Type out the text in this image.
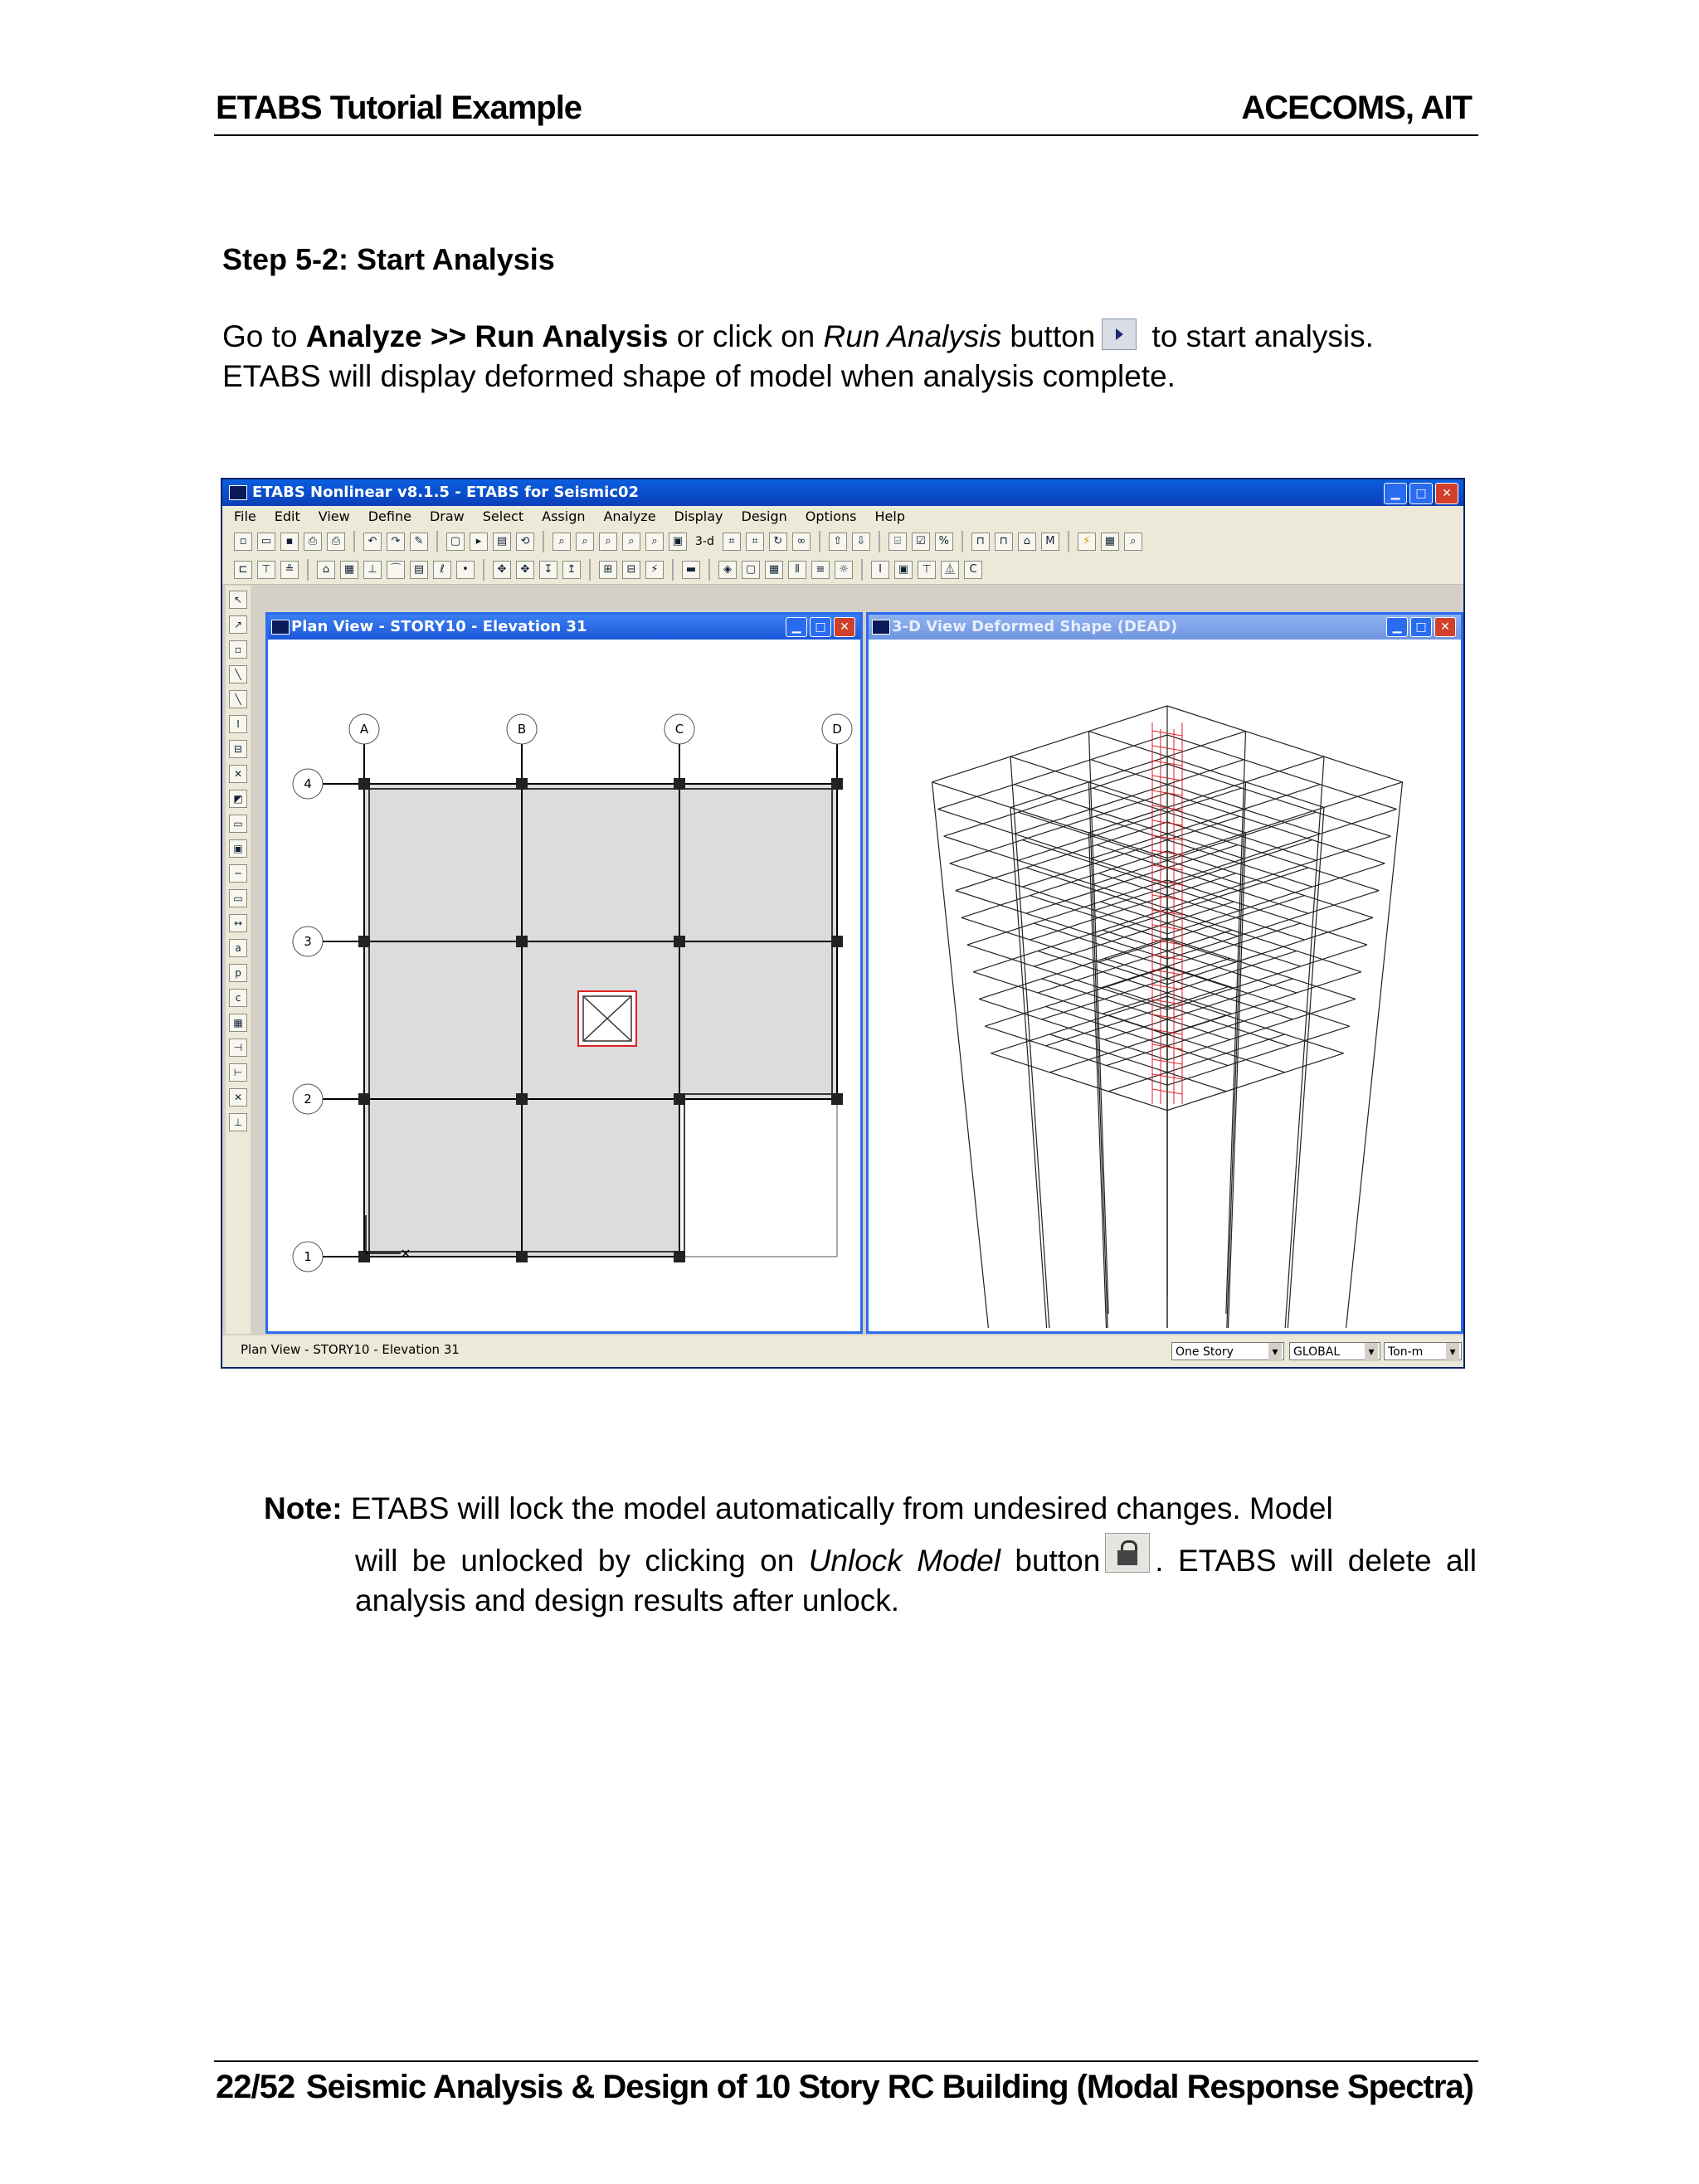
ETABS Tutorial Example	ACECOMS, AIT
Step 5-2: Start Analysis
Go to Analyze >> Run Analysis or click on Run Analysis button to start analysis. ETABS will display deformed shape of model when analysis complete.
ETABS Nonlinear v8.1.5 - ETABS for Seismic02	▁	□	✕
File Edit View Define Draw Select Assign Analyze Display Design Options Help
▫	▭	▪	⎙	⎙	↶	↷	✎	▢	▸	▤	⟲	⌕	⌕	⌕	⌕	⌕	▣	3-d	⌗	⌗	↻	∞	⇧	⇩	⌸	☑	%	⊓	⊓	⌂	M	⚡	▦	⌕
⊏	⊤	≗	⌂	▦	⊥	⌒	▤	ℓ	•	✥	✥	↧	↥	⊞	⊟	⚡	▬	◈	▢	▦	⫴	≡	☼	I	▣	⊤	⏅	C
↖
↗
▫
╲
╲
I
⊟
✕
◩
▭
▣
─
▭
↔
a
p
c
▦
⊣
⊢
✕
⊥
Plan View - STORY10 - Elevation 31	▁	□	✕
A	B	C	D
4
3
2
1
3-D View Deformed Shape (DEAD)	▁	□	✕
Plan View - STORY10 - Elevation 31	One Story ▾	GLOBAL ▾	Ton-m ▾
Note: ETABS will lock the model automatically from undesired changes. Model
will be unlocked by clicking on Unlock Model button . ETABS will delete all analysis and design results after unlock.
22/52 Seismic Analysis & Design of 10 Story RC Building (Modal Response Spectra)
